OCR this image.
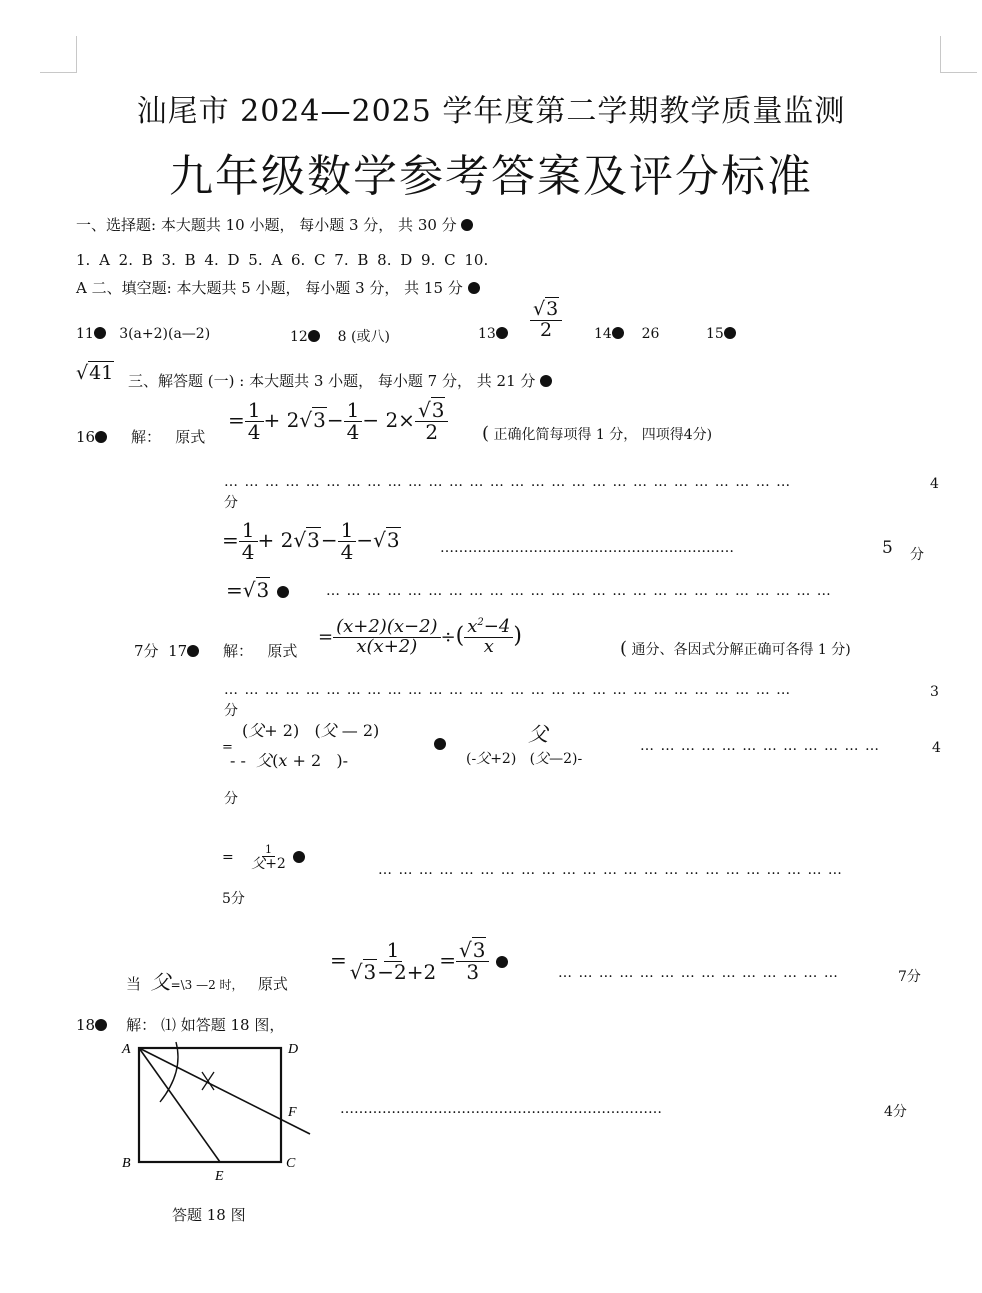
汕尾市 2024—2025 学年度第二学期教学质量监测
九年级数学参考答案及评分标准
一、选择题: 本大题共 10 小题， 每小题 3 分， 共 30 分
1. A 2. B 3. B 4. D 5. A 6. C 7. B 8. D 9. C 10.
A 二、填空题: 本大题共 5 小题， 每小题 3 分， 共 15 分
11 3(a+2)(a—2)	12 8 (或八)	13	$\frac{√3}{2} 14$ 26	15
√41 三、解答题 (一) : 本大题共 3 小题， 每小题 7 分， 共 21 分
16 解： 原式
= $\frac{1}{4} + 2√3- \frac{1}{4} - 2\times \frac{√3}{2}$ ( 正确化简每项得 1 分， 四项得4分)
… … … … … … … … … … … … … … … … … … … … … … … … … … … …	4
分
= $\frac{1}{4} + 2√3- \frac{1}{4} -√3$	………………………………………………………	5 分
=√3	… … … … … … … … … … … … … … … … … … … … … … … … …
7分 17 解： 原式
= $\frac{(x+2)(x-2)}{x(x+2)}$ ÷( $\frac{x^2-4}{x}$ )
( 通分、各因式分解正确可各得 1 分)
… … … … … … … … … … … … … … … … … … … … … … … … … … … …	3
分
(父+ 2)   (父 — 2)
=
- -  父(x + 2   )-
父
(-父+2)   (父—2)-
… … … … … … … … … … … …	4
分
= $\frac{1}{\text{父+2}}$
	… … … … … … … … … … … … … … … … … … … … … … …
5分
当 父=\3 —2 时， 原式
= $\frac{1}{√3-2+2} = \frac{√3}{3}$
	… … … … … … … … … … … … … …	7分
18 解： ⑴ 如答题 18 图，
A
B	C
D
E
F	……………………………………………………………	4分
答题 18 图
